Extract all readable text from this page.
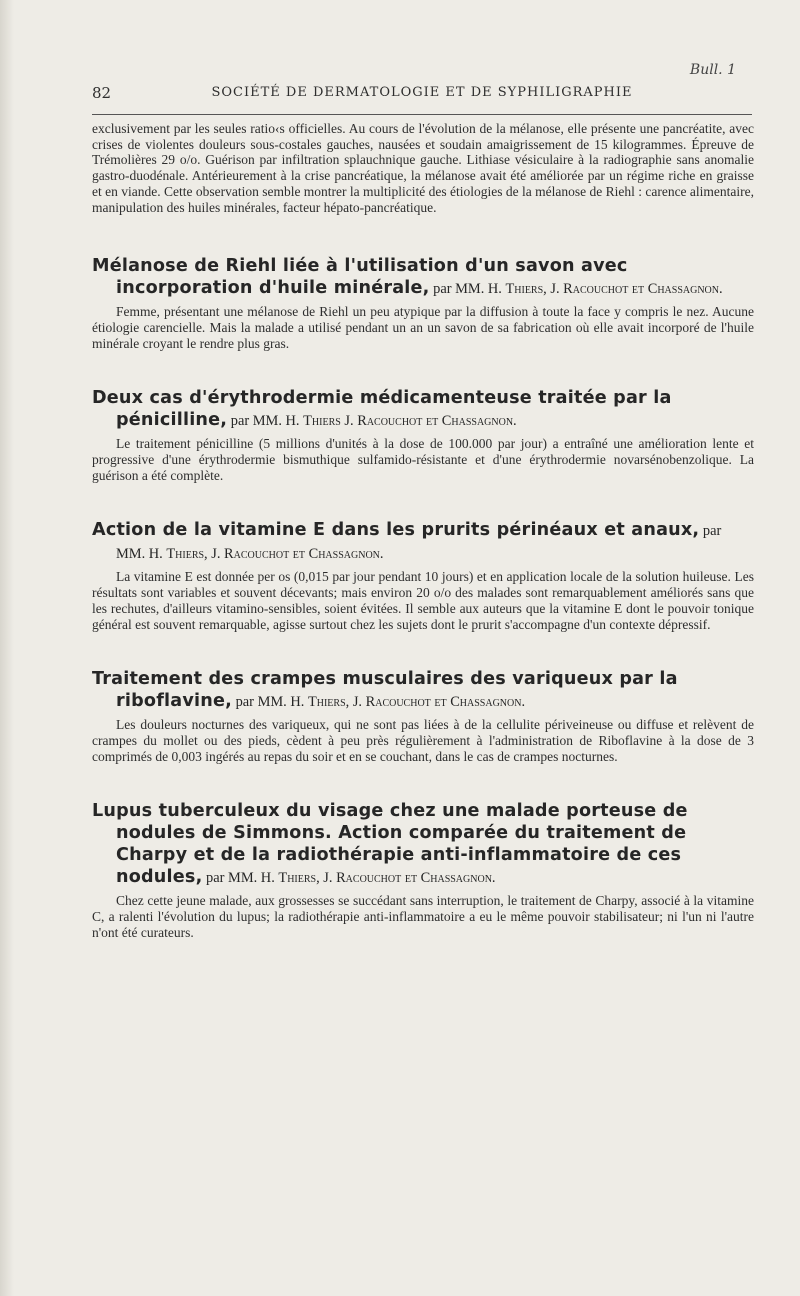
Bull. 1
82	SOCIÉTÉ DE DERMATOLOGIE ET DE SYPHILIGRAPHIE

exclusivement par les seules ratio‹s officielles. Au cours de l'évolution de la mélanose, elle présente une pancréatite, avec crises de violentes douleurs sous-costales gauches, nausées et soudain amaigrissement de 15 kilogrammes. Épreuve de Trémolières 29 o/o. Guérison par infiltration splauchnique gauche. Lithiase vésiculaire à la radiographie sans anomalie gastro-duodénale. Antérieurement à la crise pancréatique, la mélanose avait été améliorée par un régime riche en graisse et en viande. Cette observation semble montrer la multiplicité des étiologies de la mélanose de Riehl : carence alimentaire, manipulation des huiles minérales, facteur hépato-pancréatique.

Mélanose de Riehl liée à l'utilisation d'un savon avec incorporation d'huile minérale, par MM. H. Thiers, J. Racouchot et Chassagnon.

Femme, présentant une mélanose de Riehl un peu atypique par la diffusion à toute la face y compris le nez. Aucune étiologie carencielle. Mais la malade a utilisé pendant un an un savon de sa fabrication où elle avait incorporé de l'huile minérale croyant le rendre plus gras.

Deux cas d'érythrodermie médicamenteuse traitée par la pénicilline, par MM. H. Thiers J. Racouchot et Chassagnon.

Le traitement pénicilline (5 millions d'unités à la dose de 100.000 par jour) a entraîné une amélioration lente et progressive d'une érythrodermie bismuthique sulfamido-résistante et d'une érythrodermie novarsénobenzolique. La guérison a été complète.

Action de la vitamine E dans les prurits périnéaux et anaux, par MM. H. Thiers, J. Racouchot et Chassagnon.

La vitamine E est donnée per os (0,015 par jour pendant 10 jours) et en application locale de la solution huileuse. Les résultats sont variables et souvent décevants; mais environ 20 o/o des malades sont remarquablement améliorés sans que les rechutes, d'ailleurs vitamino-sensibles, soient évitées. Il semble aux auteurs que la vitamine E dont le pouvoir tonique général est souvent remarquable, agisse surtout chez les sujets dont le prurit s'accompagne d'un contexte dépressif.

Traitement des crampes musculaires des variqueux par la riboflavine, par MM. H. Thiers, J. Racouchot et Chassagnon.

Les douleurs nocturnes des variqueux, qui ne sont pas liées à de la cellulite périveineuse ou diffuse et relèvent de crampes du mollet ou des pieds, cèdent à peu près régulièrement à l'administration de Riboflavine à la dose de 3 comprimés de 0,003 ingérés au repas du soir et en se couchant, dans le cas de crampes nocturnes.

Lupus tuberculeux du visage chez une malade porteuse de nodules de Simmons. Action comparée du traitement de Charpy et de la radiothérapie anti-inflammatoire de ces nodules, par MM. H. Thiers, J. Racouchot et Chassagnon.

Chez cette jeune malade, aux grossesses se succédant sans interruption, le traitement de Charpy, associé à la vitamine C, a ralenti l'évolution du lupus; la radiothérapie anti-inflammatoire a eu le même pouvoir stabilisateur; ni l'un ni l'autre n'ont été curateurs.
